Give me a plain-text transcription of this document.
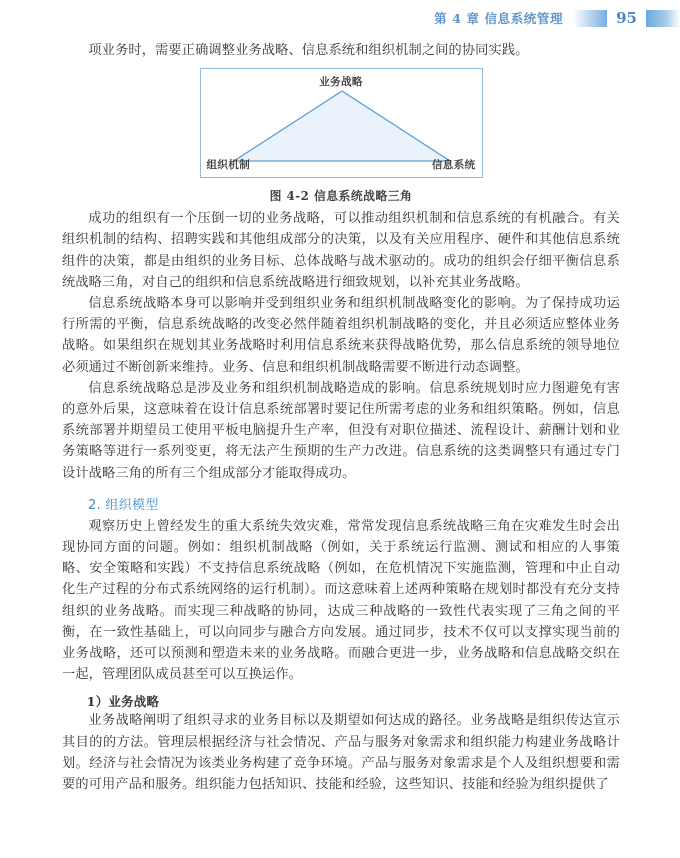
第 4 章 信息系统管理	95

项业务时，需要正确调整业务战略、信息系统和组织机制之间的协同实践。

业务战略
组织机制	信息系统
图 4-2 信息系统战略三角

成功的组织有一个压倒一切的业务战略，可以推动组织机制和信息系统的有机融合。有关组织机制的结构、招聘实践和其他组成部分的决策，以及有关应用程序、硬件和其他信息系统组件的决策，都是由组织的业务目标、总体战略与战术驱动的。成功的组织会仔细平衡信息系统战略三角，对自己的组织和信息系统战略进行细致规划，以补充其业务战略。

信息系统战略本身可以影响并受到组织业务和组织机制战略变化的影响。为了保持成功运行所需的平衡，信息系统战略的改变必然伴随着组织机制战略的变化，并且必须适应整体业务战略。如果组织在规划其业务战略时利用信息系统来获得战略优势，那么信息系统的领导地位必须通过不断创新来维持。业务、信息和组织机制战略需要不断进行动态调整。

信息系统战略总是涉及业务和组织机制战略造成的影响。信息系统规划时应力图避免有害的意外后果，这意味着在设计信息系统部署时要记住所需考虑的业务和组织策略。例如，信息系统部署并期望员工使用平板电脑提升生产率，但没有对职位描述、流程设计、薪酬计划和业务策略等进行一系列变更，将无法产生预期的生产力改进。信息系统的这类调整只有通过专门设计战略三角的所有三个组成部分才能取得成功。

2. 组织模型

观察历史上曾经发生的重大系统失效灾难，常常发现信息系统战略三角在灾难发生时会出现协同方面的问题。例如：组织机制战略（例如，关于系统运行监测、测试和相应的人事策略、安全策略和实践）不支持信息系统战略（例如，在危机情况下实施监测，管理和中止自动化生产过程的分布式系统网络的运行机制）。而这意味着上述两种策略在规划时都没有充分支持组织的业务战略。而实现三种战略的协同，达成三种战略的一致性代表实现了三角之间的平衡，在一致性基础上，可以向同步与融合方向发展。通过同步，技术不仅可以支撑实现当前的业务战略，还可以预测和塑造未来的业务战略。而融合更进一步，业务战略和信息战略交织在一起，管理团队成员甚至可以互换运作。

1）业务战略

业务战略阐明了组织寻求的业务目标以及期望如何达成的路径。业务战略是组织传达宣示其目的的方法。管理层根据经济与社会情况、产品与服务对象需求和组织能力构建业务战略计划。经济与社会情况为该类业务构建了竞争环境。产品与服务对象需求是个人及组织想要和需要的可用产品和服务。组织能力包括知识、技能和经验，这些知识、技能和经验为组织提供了
